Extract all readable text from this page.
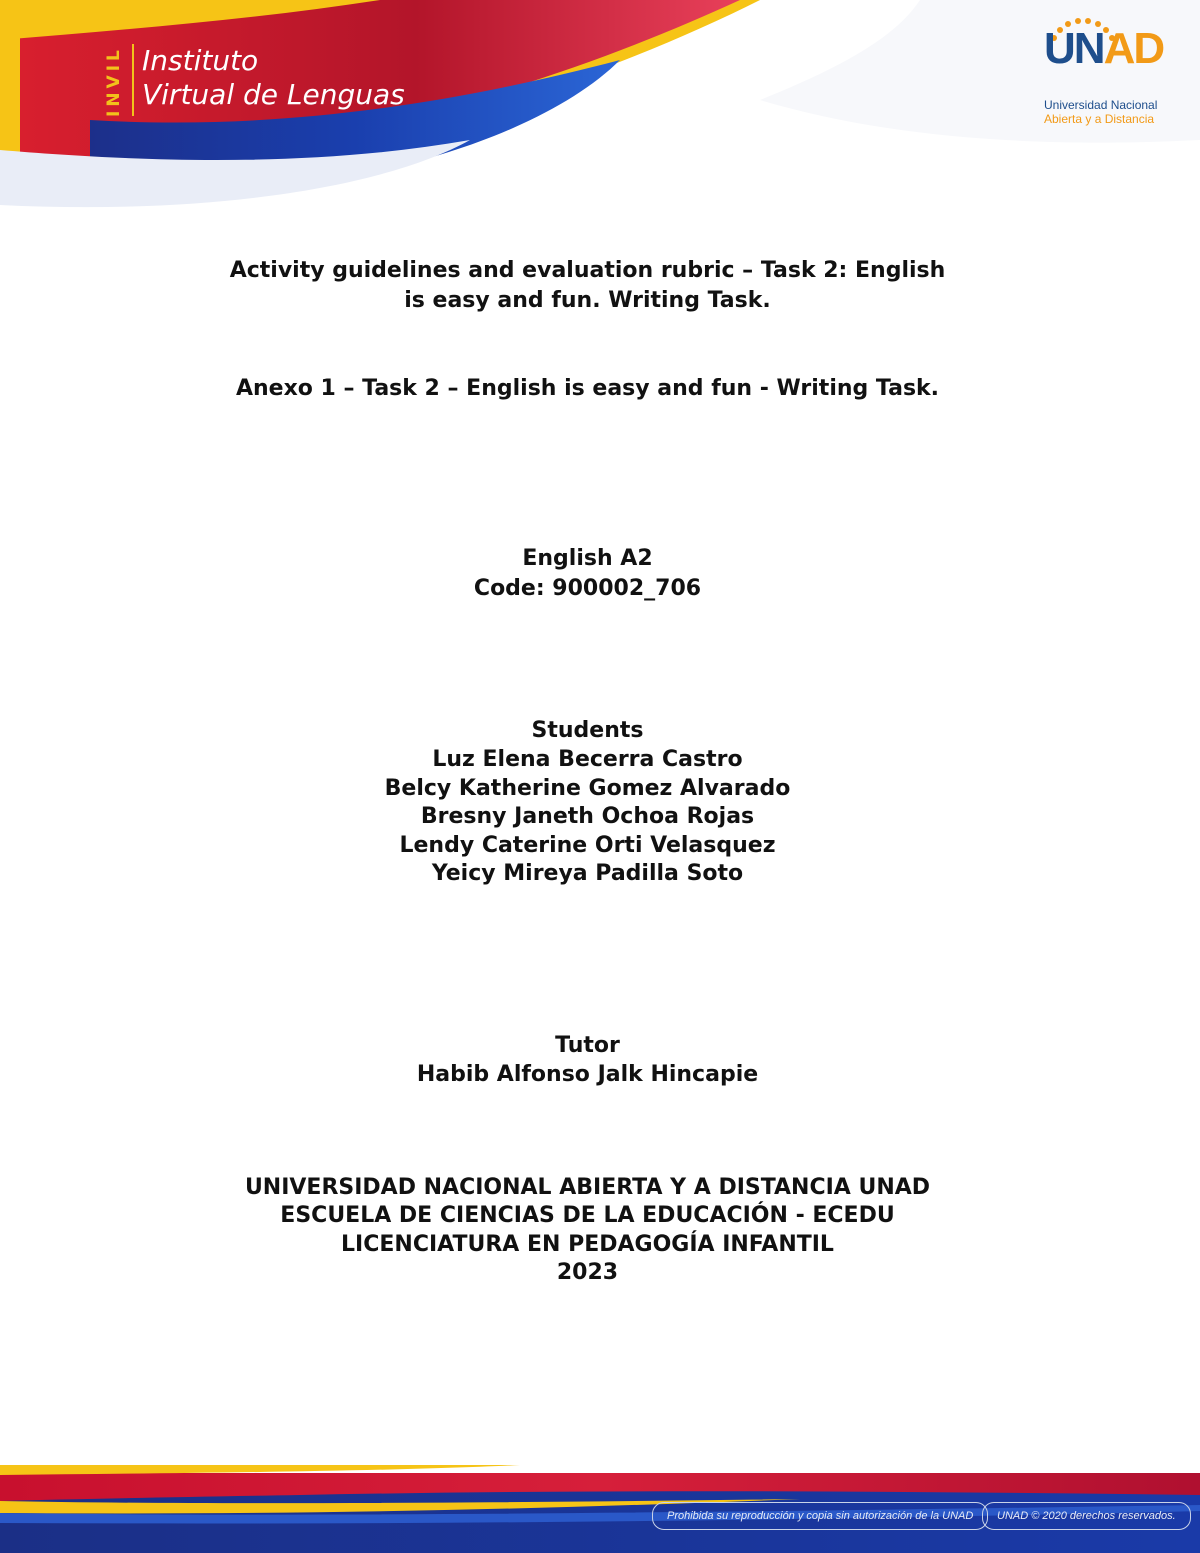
INVIL Instituto
Virtual de Lenguas
UNAD
Universidad Nacional
Abierta y a Distancia
Activity guidelines and evaluation rubric – Task 2: English
is easy and fun. Writing Task.
Anexo 1 – Task 2 – English is easy and fun - Writing Task.
English A2
Code: 900002_706
Students
Luz Elena Becerra Castro
Belcy Katherine Gomez Alvarado
Bresny Janeth Ochoa Rojas
Lendy Caterine Orti Velasquez
Yeicy Mireya Padilla Soto
Tutor
Habib Alfonso Jalk Hincapie
UNIVERSIDAD NACIONAL ABIERTA Y A DISTANCIA UNAD
ESCUELA DE CIENCIAS DE LA EDUCACIÓN - ECEDU
LICENCIATURA EN PEDAGOGÍA INFANTIL
2023
Prohibida su reproducción y copia sin autorización de la UNAD	UNAD © 2020 derechos reservados.
